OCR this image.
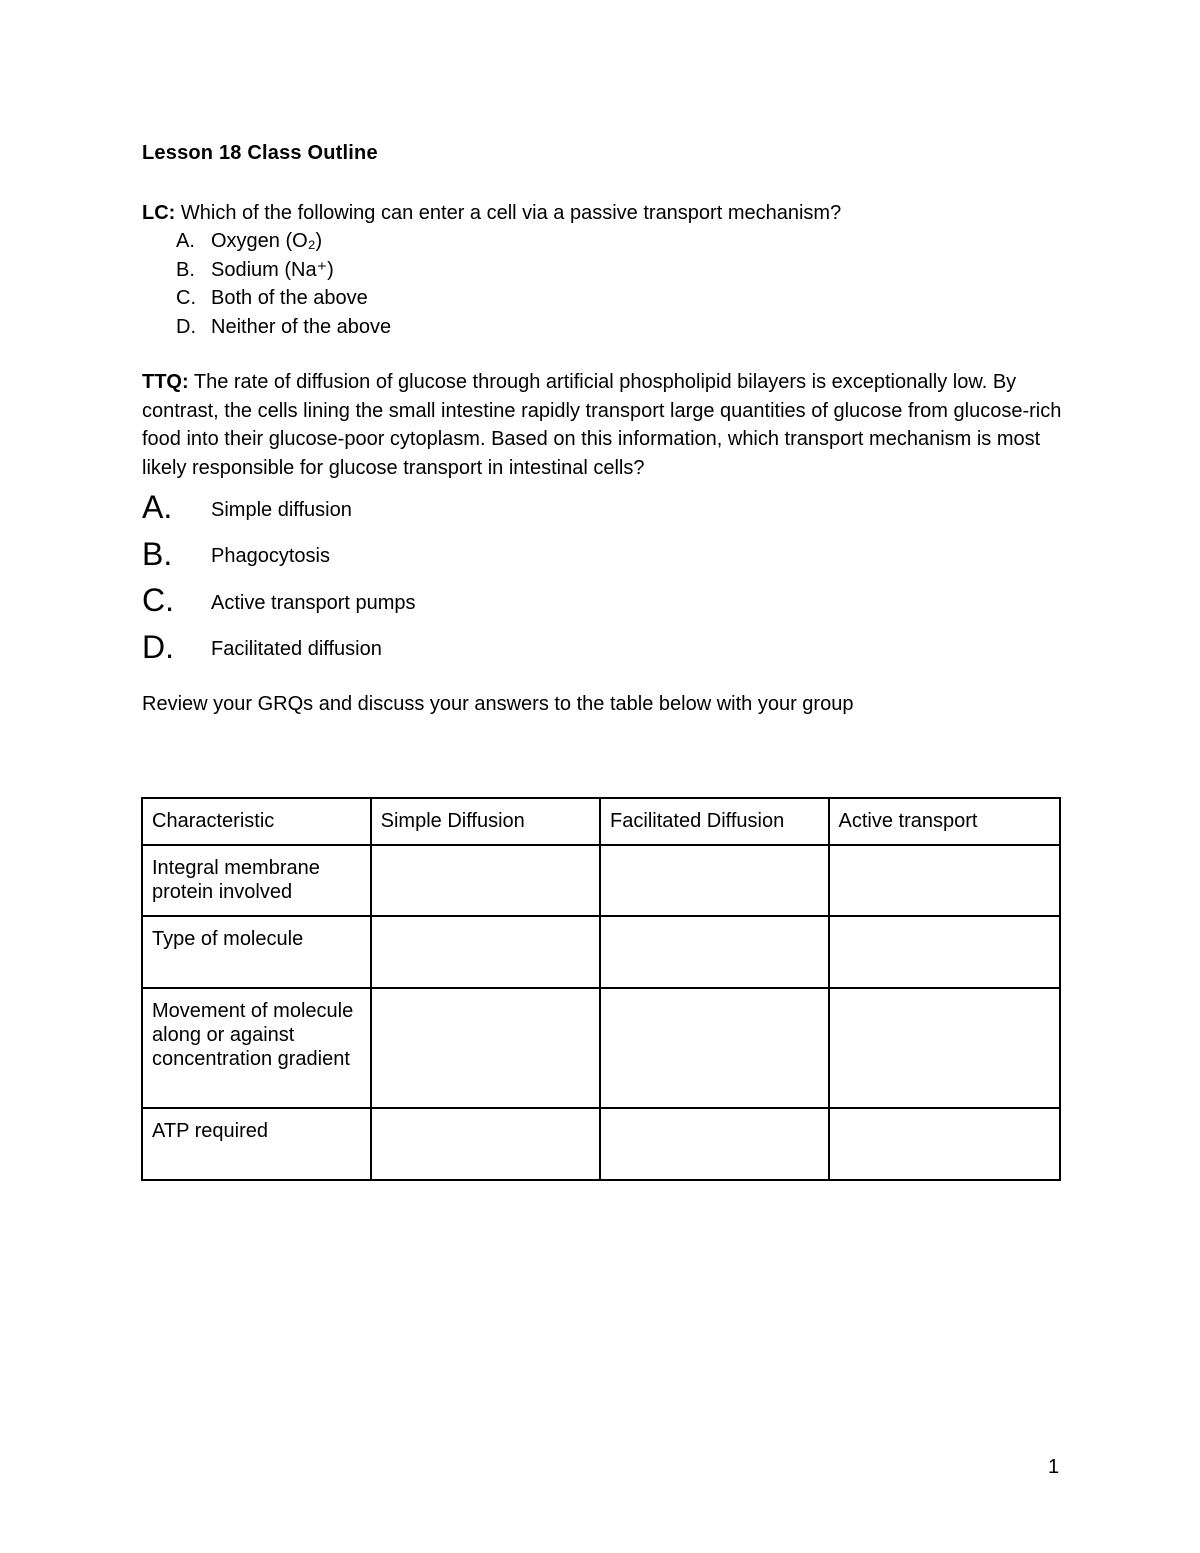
Lesson 18 Class Outline
LC: Which of the following can enter a cell via a passive transport mechanism?
A. Oxygen (O₂)
B. Sodium (Na⁺)
C. Both of the above
D. Neither of the above
TTQ: The rate of diffusion of glucose through artificial phospholipid bilayers is exceptionally low. By contrast, the cells lining the small intestine rapidly transport large quantities of glucose from glucose-rich food into their glucose-poor cytoplasm. Based on this information, which transport mechanism is most likely responsible for glucose transport in intestinal cells?
A.	Simple diffusion
B.	Phagocytosis
C.	Active transport pumps
D.	Facilitated diffusion
Review your GRQs and discuss your answers to the table below with your group
Characteristic	Simple Diffusion	Facilitated Diffusion	Active transport
Integral membrane protein involved			
Type of molecule			
Movement of molecule along or against concentration gradient			
ATP required			
1
